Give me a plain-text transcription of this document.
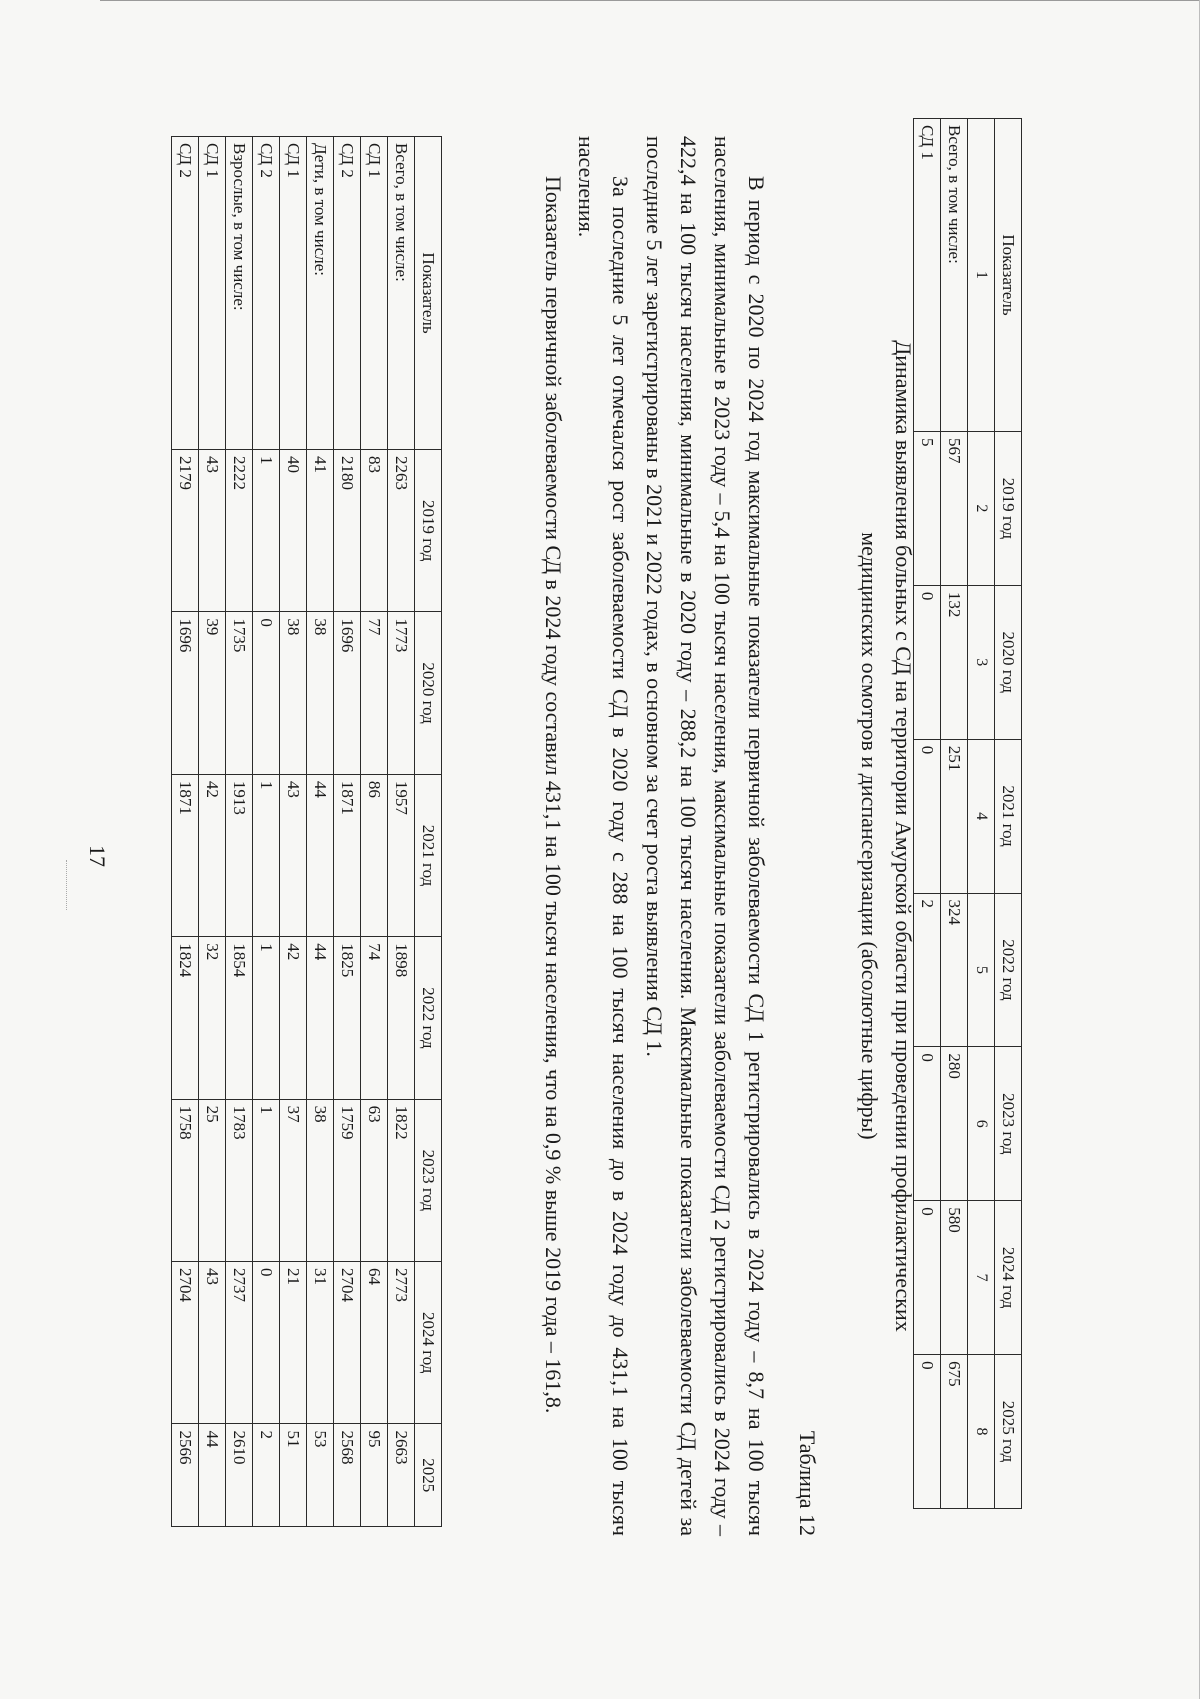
17
Показатель	2019 год	2020 год	2021 год	2022 год	2023 год	2024 год	2025
Всего, в том числе:	2263	1773	1957	1898	1822	2773	2663
СД 1	83	77	86	74	63	64	95
СД 2	2180	1696	1871	1825	1759	2704	2568
Дети, в том числе:	41	38	44	44	38	31	53
СД 1	40	38	43	42	37	21	51
СД 2	1	0	1	1	1	0	2
Взрослые, в том числе:	2222	1735	1913	1854	1783	2737	2610
СД 1	43	39	42	32	25	43	44
СД 2	2179	1696	1871	1824	1758	2704	2566
Показатель первичной заболеваемости СД в 2024 году составил 431,1 на 100 тысяч населения, что на 0,9 % выше 2019 года – 161,8.	За последние 5 лет отмечался рост заболеваемости СД в 2020 году с 288 на 100 тысяч населения до в 2024 году до 431,1 на 100 тысяч населения.	В период с 2020 по 2024 год максимальные показатели первичной заболеваемости СД 1 регистрировались в 2024 году – 8,7 на 100 тысяч населения, минимальные в 2023 году – 5,4 на 100 тысяч населения, максимальные показатели заболеваемости СД 2 регистрировались в 2024 году – 422,4 на 100 тысяч населения, минимальные в 2020 году – 288,2 на 100 тысяч населения. Максимальные показатели заболеваемости СД детей за последние 5 лет зарегистрированы в 2021 и 2022 годах, в основном за счет роста выявления СД 1.
Таблица 12
Динамика выявления больных с СД на территории Амурской области при проведении профилактических
медицинских осмотров и диспансеризации (абсолютные цифры)
Показатель	2019 год	2020 год	2021 год	2022 год	2023 год	2024 год	2025 год
1	2	3	4	5	6	7	8
Всего, в том числе:	567	132	251	324	280	580	675
СД 1	5	0	0	2	0	0	0
